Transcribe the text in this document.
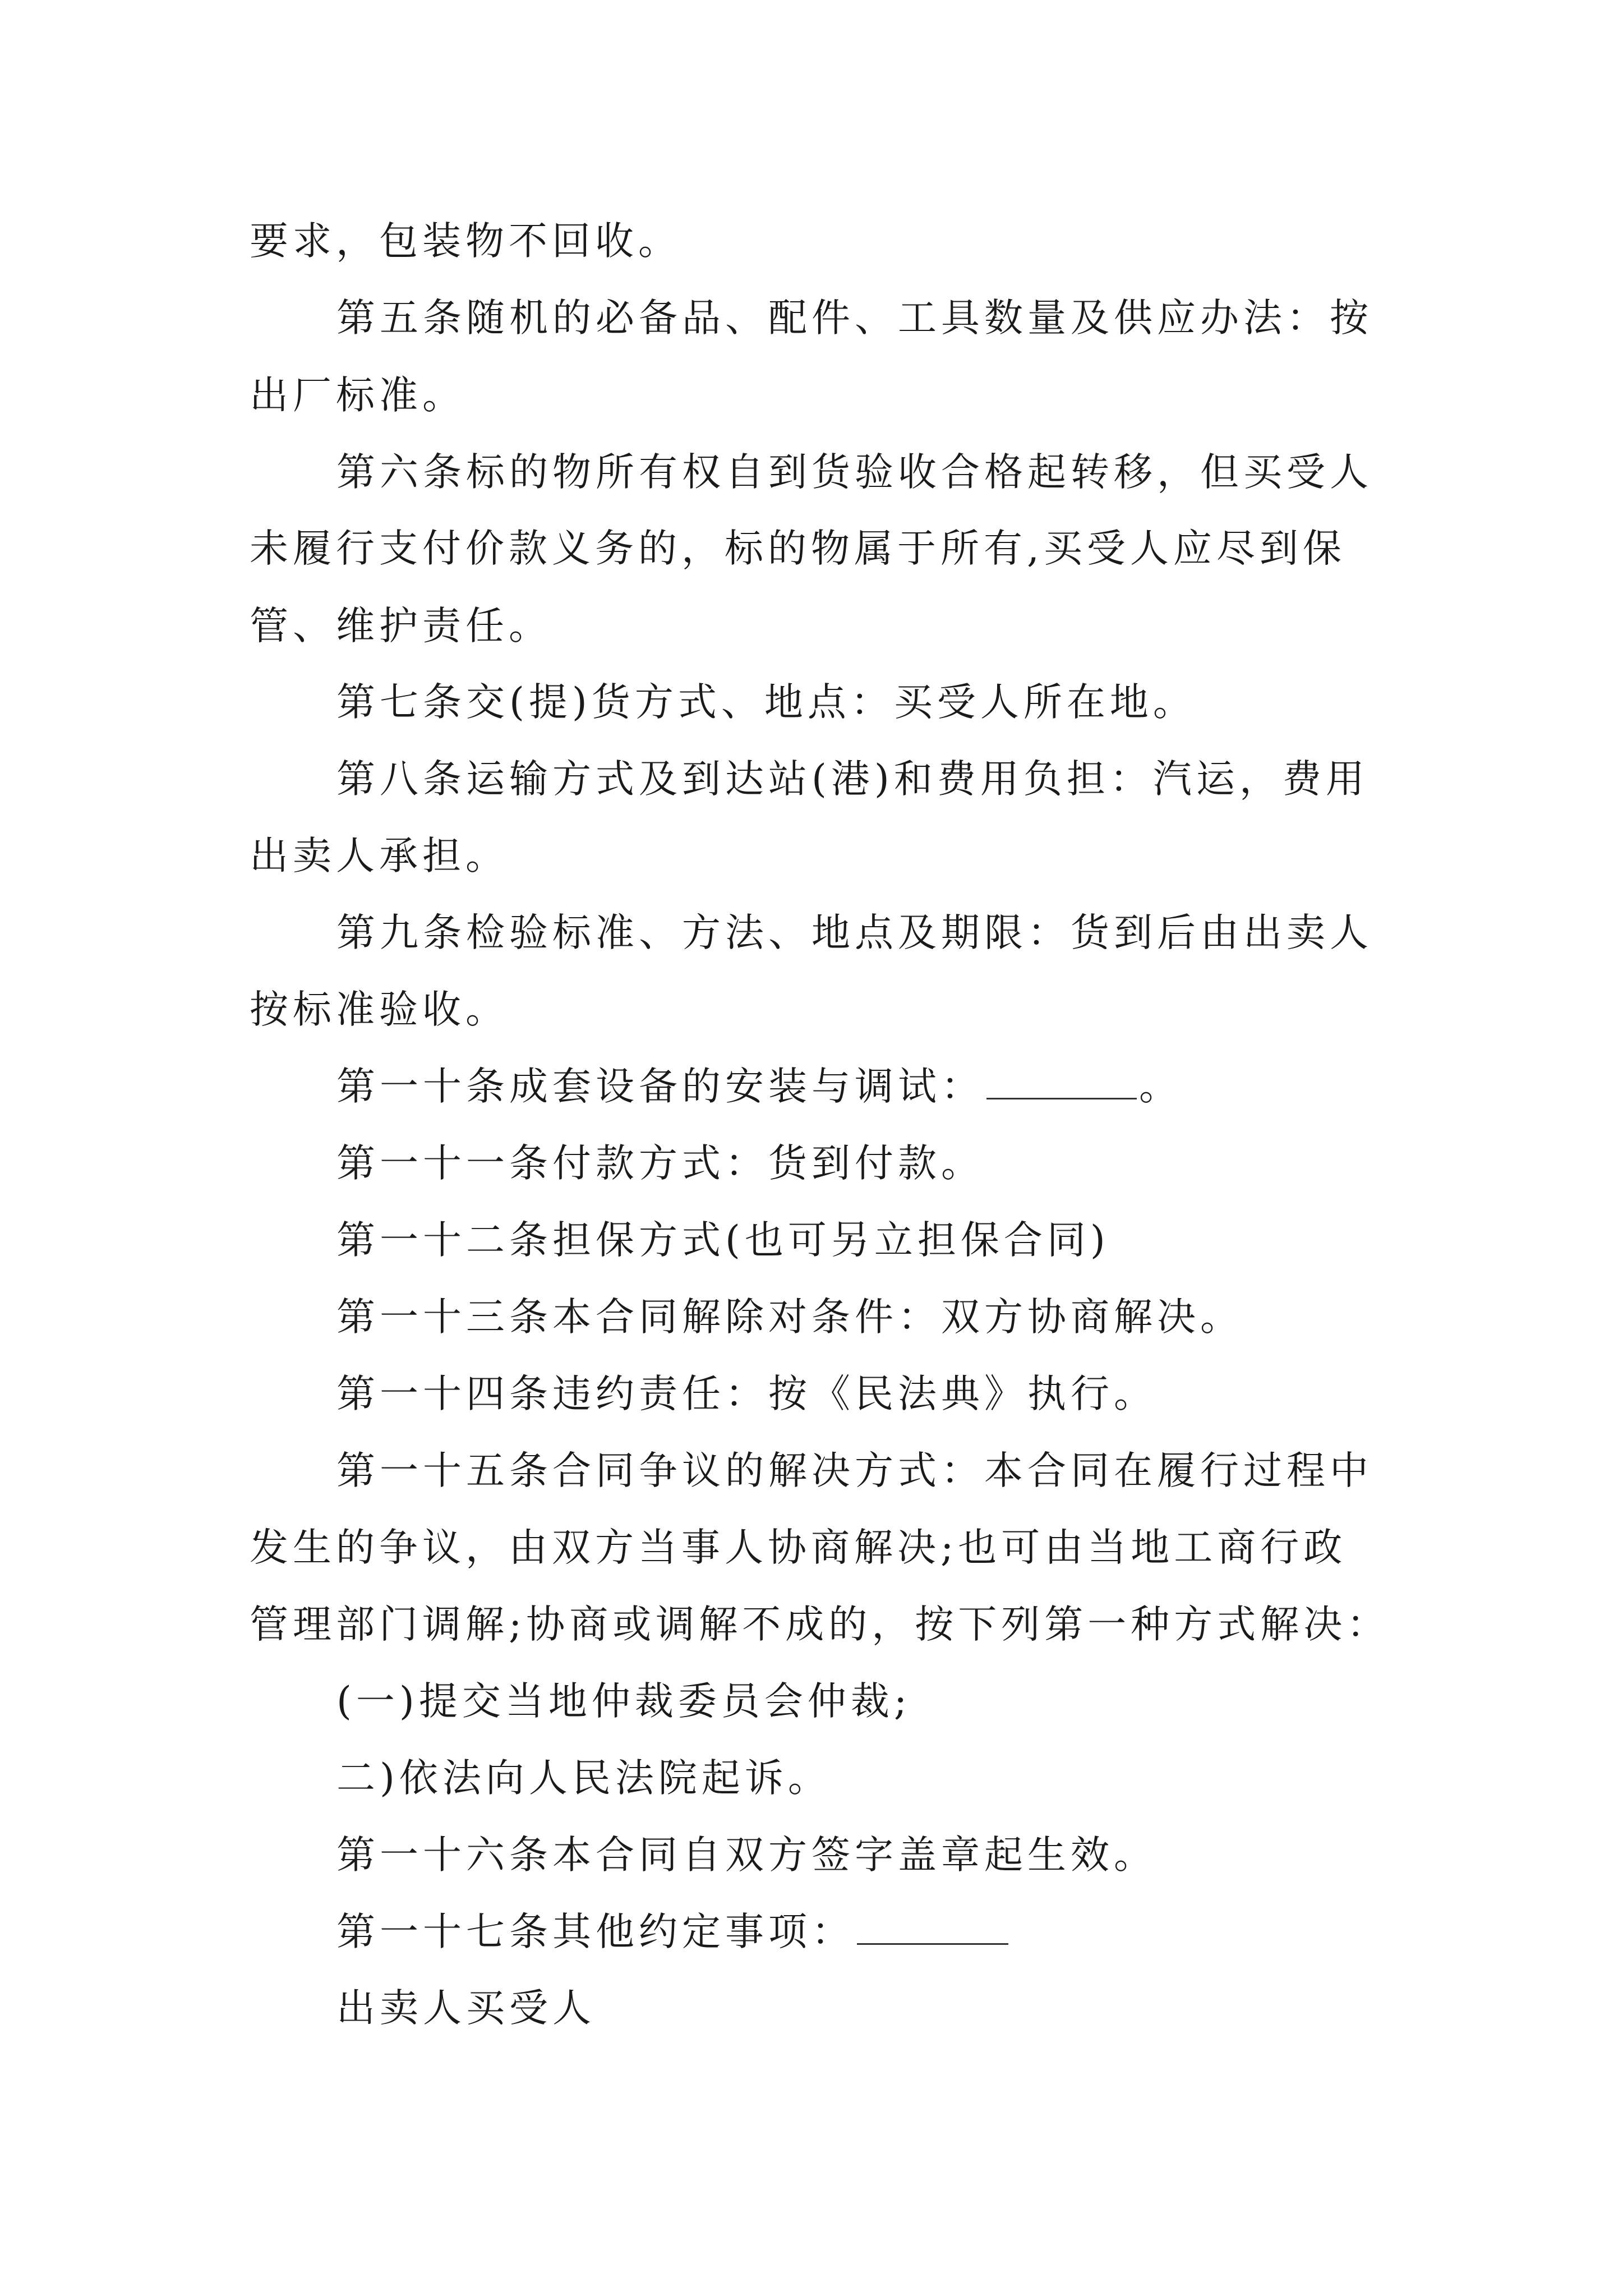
要求，包装物不回收。
第五条随机的必备品、配件、工具数量及供应办法：按
出厂标准。
第六条标的物所有权自到货验收合格起转移，但买受人
未履行支付价款义务的，标的物属于所有,买受人应尽到保
管、维护责任。
第七条交(提)货方式、地点：买受人所在地。
第八条运输方式及到达站(港)和费用负担：汽运，费用
出卖人承担。
第九条检验标准、方法、地点及期限：货到后由出卖人
按标准验收。
第一十条成套设备的安装与调试：	。
第一十一条付款方式：货到付款。
第一十二条担保方式(也可另立担保合同)
第一十三条本合同解除对条件：双方协商解决。
第一十四条违约责任：按《民法典》执行。
第一十五条合同争议的解决方式：本合同在履行过程中
发生的争议，由双方当事人协商解决;也可由当地工商行政
管理部门调解;协商或调解不成的，按下列第一种方式解决：
(一)提交当地仲裁委员会仲裁;
二)依法向人民法院起诉。
第一十六条本合同自双方签字盖章起生效。
第一十七条其他约定事项：
出卖人买受人
